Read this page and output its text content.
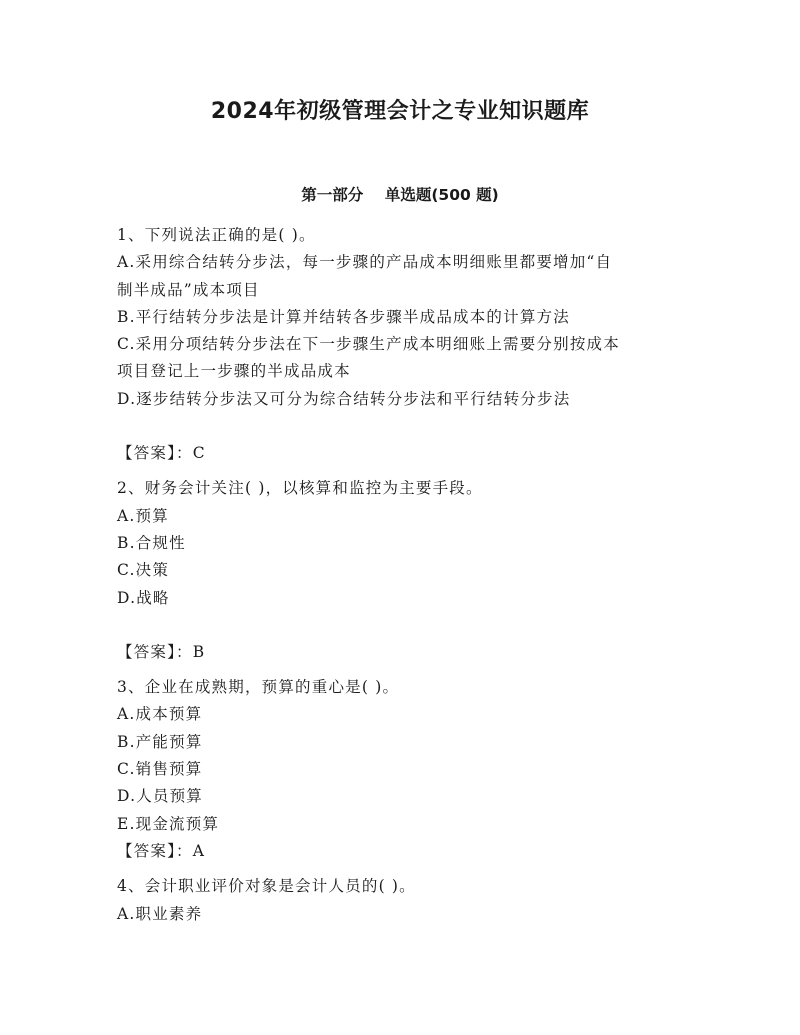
2024年初级管理会计之专业知识题库
第一部分    单选题(500 题)
1、下列说法正确的是( )。
A.采用综合结转分步法，每一步骤的产品成本明细账里都要增加“自
制半成品”成本项目
B.平行结转分步法是计算并结转各步骤半成品成本的计算方法
C.采用分项结转分步法在下一步骤生产成本明细账上需要分别按成本
项目登记上一步骤的半成品成本
D.逐步结转分步法又可分为综合结转分步法和平行结转分步法
【答案】：C
2、财务会计关注( )，以核算和监控为主要手段。
A.预算
B.合规性
C.决策
D.战略
【答案】：B
3、企业在成熟期，预算的重心是( )。
A.成本预算
B.产能预算
C.销售预算
D.人员预算
E.现金流预算
【答案】：A
4、会计职业评价对象是会计人员的( )。
A.职业素养
